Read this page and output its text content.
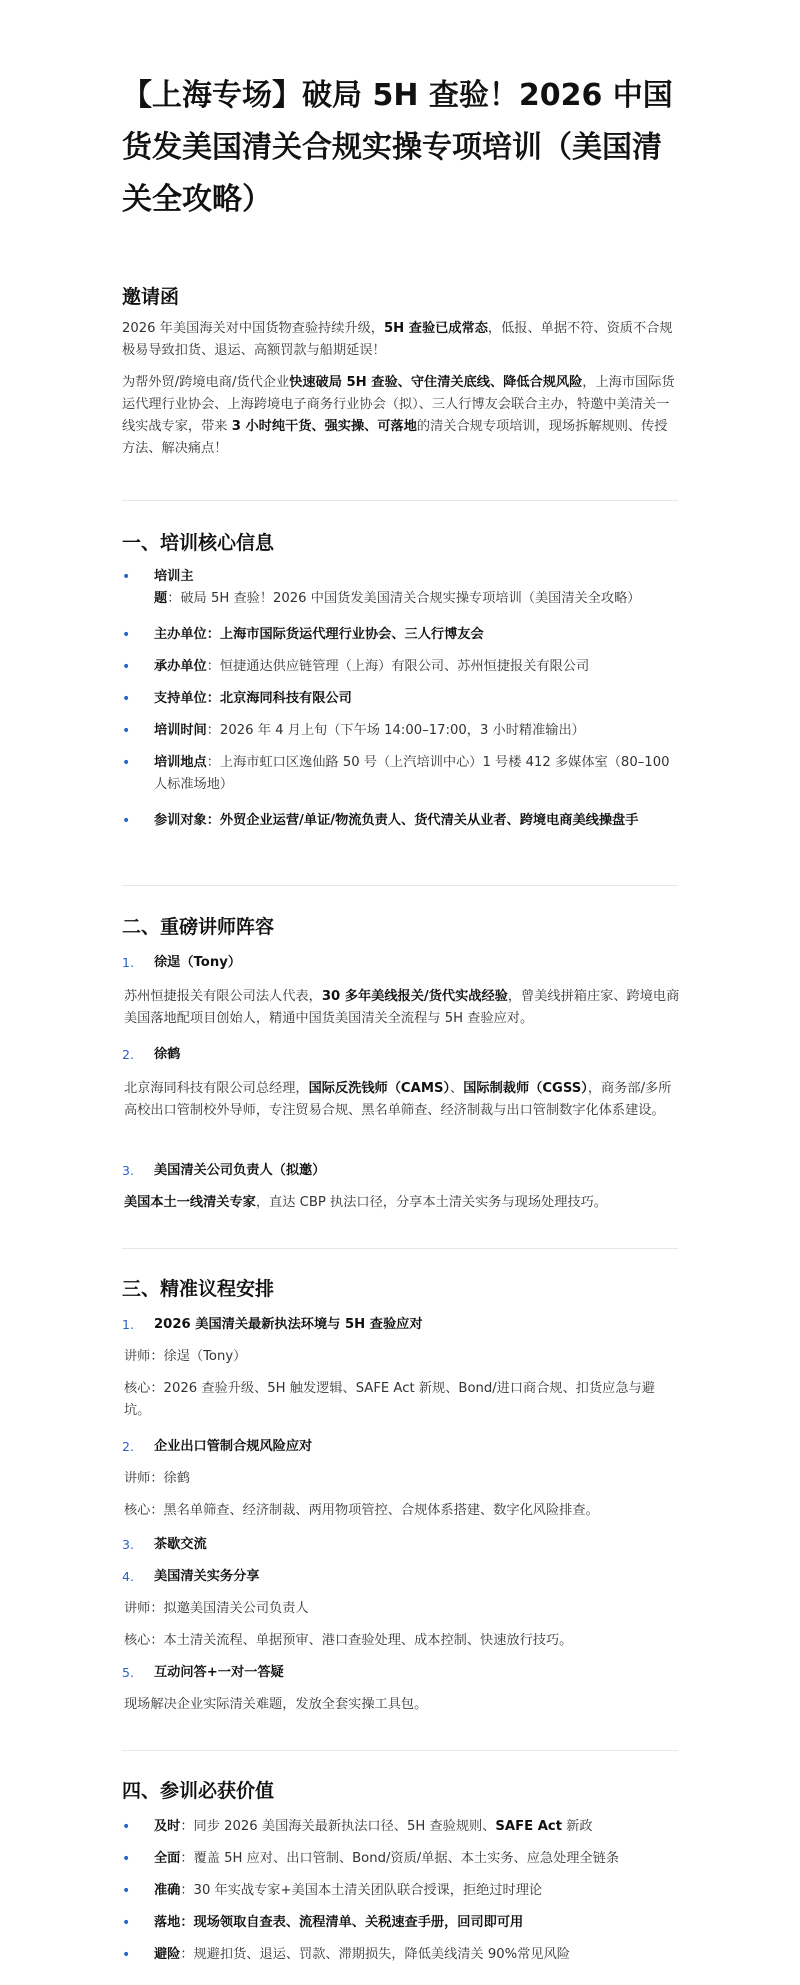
【上海专场】破局 5H 查验！2026 中国货发美国清关合规实操专项培训（美国清关全攻略）
邀请函
2026 年美国海关对中国货物查验持续升级，5H 查验已成常态，低报、单据不符、资质不合规极易导致扣货、退运、高额罚款与船期延误！
为帮外贸/跨境电商/货代企业快速破局 5H 查验、守住清关底线、降低合规风险，上海市国际货运代理行业协会、上海跨境电子商务行业协会（拟）、三人行博友会联合主办，特邀中美清关一线实战专家，带来 3 小时纯干货、强实操、可落地的清关合规专项培训，现场拆解规则、传授方法、解决痛点！
一、培训核心信息
• 培训主题：破局 5H 查验！2026 中国货发美国清关合规实操专项培训（美国清关全攻略）
• 主办单位：上海市国际货运代理行业协会、三人行博友会
• 承办单位：恒捷通达供应链管理（上海）有限公司、苏州恒捷报关有限公司
• 支持单位：北京海同科技有限公司
• 培训时间：2026 年 4 月上旬（下午场 14:00–17:00，3 小时精准输出）
• 培训地点：上海市虹口区逸仙路 50 号（上汽培训中心）1 号楼 412 多媒体室（80–100 人标准场地）
• 参训对象：外贸企业运营/单证/物流负责人、货代清关从业者、跨境电商美线操盘手
二、重磅讲师阵容
1. 徐逞（Tony）
苏州恒捷报关有限公司法人代表，30 多年美线报关/货代实战经验，曾美线拼箱庄家、跨境电商美国落地配项目创始人，精通中国货美国清关全流程与 5H 查验应对。
2. 徐鹤
北京海同科技有限公司总经理，国际反洗钱师（CAMS）、国际制裁师（CGSS），商务部/多所高校出口管制校外导师，专注贸易合规、黑名单筛查、经济制裁与出口管制数字化体系建设。
3. 美国清关公司负责人（拟邀）
美国本土一线清关专家，直达 CBP 执法口径，分享本土清关实务与现场处理技巧。
三、精准议程安排
1. 2026 美国清关最新执法环境与 5H 查验应对
讲师：徐逞（Tony）
核心：2026 查验升级、5H 触发逻辑、SAFE Act 新规、Bond/进口商合规、扣货应急与避坑。
2. 企业出口管制合规风险应对
讲师：徐鹤
核心：黑名单筛查、经济制裁、两用物项管控、合规体系搭建、数字化风险排查。
3. 茶歇交流
4. 美国清关实务分享
讲师：拟邀美国清关公司负责人
核心：本土清关流程、单据预审、港口查验处理、成本控制、快速放行技巧。
5. 互动问答+一对一答疑
现场解决企业实际清关难题，发放全套实操工具包。
四、参训必获价值
• 及时：同步 2026 美国海关最新执法口径、5H 查验规则、SAFE Act 新政
• 全面：覆盖 5H 应对、出口管制、Bond/资质/单据、本土实务、应急处理全链条
• 准确：30 年实战专家+美国本土清关团队联合授课，拒绝过时理论
• 落地：现场领取自查表、流程清单、关税速查手册，回司即可用
• 避险：规避扣货、退运、罚款、滞期损失，降低美线清关 90%常见风险
